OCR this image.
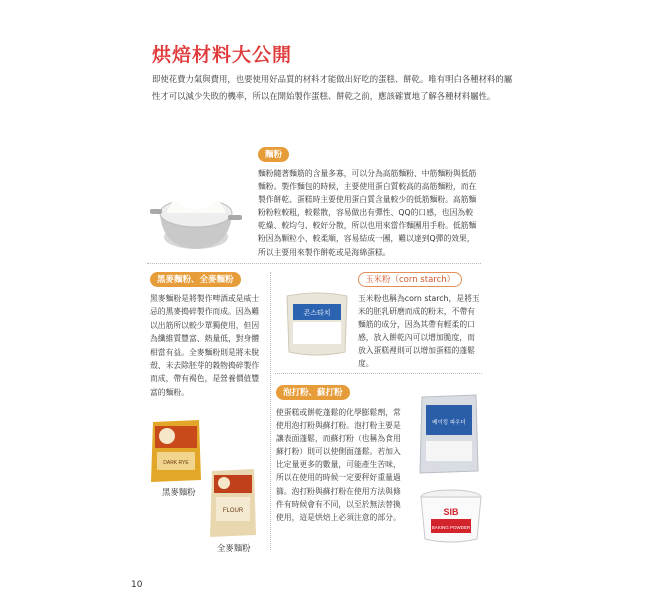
烘焙材料大公開
即使花費力氣與費用，也要使用好品質的材料才能做出好吃的蛋糕、餅乾。唯有明白各種材料的屬性才可以減少失敗的機率，所以在開始製作蛋糕、餅乾之前，應該確實地了解各種材料屬性。
麵粉
麵粉隨著麵筋的含量多寡，可以分為高筋麵粉、中筋麵粉與低筋麵粉。製作麵包的時候，主要使用蛋白質較高的高筋麵粉，而在製作餅乾、蛋糕時主要使用蛋白質含量較少的低筋麵粉。高筋麵粉粉粒較粗，較鬆散，容易做出有彈性、QQ的口感，也因為較乾燥、較均勻、較好分散，所以也用來當作麵團用手粉。低筋麵粉因為顆粒小、較柔順，容易結成一團，難以達到Q彈的效果，所以主要用來製作餅乾或是海綿蛋糕。
黑麥麵粉、全麥麵粉
黑麥麵粉是將製作啤酒或是威士忌的黑麥搗碎製作而成。因為難以出筋所以較少單獨使用，但因為纖維質豐富、熱量低，對身體相當有益。全麥麵粉則是將未脫殼、未去除胚芽的穀物搗碎製作而成，帶有褐色，是營養價值豐富的麵粉。
DARK RYE
黑麥麵粉
FLOUR
全麥麵粉
玉米粉（corn starch）
콘스타치
玉米粉也稱為corn starch，是將玉米的胚乳研磨而成的粉末，不帶有麵筋的成分，因為其帶有輕柔的口感，放入餅乾內可以增加脆度，而放入蛋糕裡則可以增加蛋糕的蓬鬆度。
泡打粉、蘇打粉
使蛋糕或餅乾蓬鬆的化學膨鬆劑，常使用泡打粉與蘇打粉。泡打粉主要是讓表面蓬鬆，而蘇打粉（也稱為食用蘇打粉）則可以使側面蓬鬆。若加入比定量更多的數量，可能產生苦味，所以在使用的時候一定要秤好重量過篩。泡打粉與蘇打粉在使用方法與條件有時候會有不同，以至於無法替換使用，這是烘焙上必須注意的部分。
베이킹 파우더
SIB
BAKING POWDER
10
